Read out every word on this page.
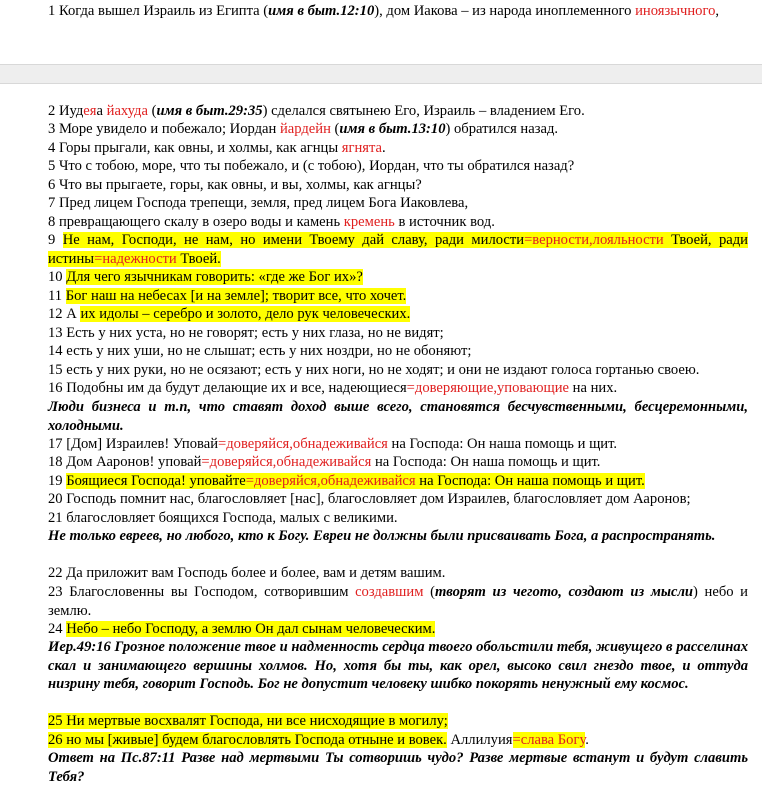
1 Когда вышел Израиль из Египта (имя в быт.12:10), дом Иакова – из народа иноплеменного иноязычного,
2 Иудеяа йахуда (имя в быт.29:35) сделался святынею Его, Израиль – владением Его.
3 Море увидело и побежало; Иордан йардейн (имя в быт.13:10) обратился назад.
4 Горы прыгали, как овны, и холмы, как агнцы ягнята.
5 Что с тобою, море, что ты побежало, и (с тобою), Иордан, что ты обратился назад?
6 Что вы прыгаете, горы, как овны, и вы, холмы, как агнцы?
7 Пред лицем Господа трепещи, земля, пред лицем Бога Иаковлева,
8 превращающего скалу в озеро воды и камень кремень в источник вод.
9 Не нам, Господи, не нам, но имени Твоему дай славу, ради милости=верности,лояльности Твоей, ради истины=надежности Твоей.
10 Для чего язычникам говорить: «где же Бог их»?
11 Бог наш на небесах [и на земле]; творит все, что хочет.
12 А их идолы – серебро и золото, дело рук человеческих.
13 Есть у них уста, но не говорят; есть у них глаза, но не видят;
14 есть у них уши, но не слышат; есть у них ноздри, но не обоняют;
15 есть у них руки, но не осязают; есть у них ноги, но не ходят; и они не издают голоса гортанью своею.
16 Подобны им да будут делающие их и все, надеющиеся=доверяющие,уповающие на них.
Люди бизнеса и т.п, что ставят доход выше всего, становятся бесчувственными, бесцеремонными, холодными.
17 [Дом] Израилев! Уповай=доверяйся,обнадеживайся на Господа: Он наша помощь и щит.
18 Дом Ааронов! уповай=доверяйся,обнадеживайся на Господа: Он наша помощь и щит.
19 Боящиеся Господа! уповайте=доверяйся,обнадеживайся на Господа: Он наша помощь и щит.
20 Господь помнит нас, благословляет [нас], благословляет дом Израилев, благословляет дом Ааронов;
21 благословляет боящихся Господа, малых с великими.
Не только евреев, но любого, кто к Богу. Евреи не должны были присваивать Бога, а распространять.
22 Да приложит вам Господь более и более, вам и детям вашим.
23 Благословенны вы Господом, сотворившим создавшим (творят из чегото, создают из мысли) небо и землю.
24 Небо – небо Господу, а землю Он дал сынам человеческим.
Иер.49:16 Грозное положение твое и надменность сердца твоего обольстили тебя, живущего в расселинах скал и занимающего вершины холмов. Но, хотя бы ты, как орел, высоко свил гнездо твое, и оттуда низрину тебя, говорит Господь. Бог не допустит человеку шибко покорять ненужный ему космос.
25 Ни мертвые восхвалят Господа, ни все нисходящие в могилу;
26 но мы [живые] будем благословлять Господа отныне и вовек. Аллилуия=слава Богу.
Ответ на Пс.87:11 Разве над мертвыми Ты сотворишь чудо? Разве мертвые встанут и будут славить Тебя?
